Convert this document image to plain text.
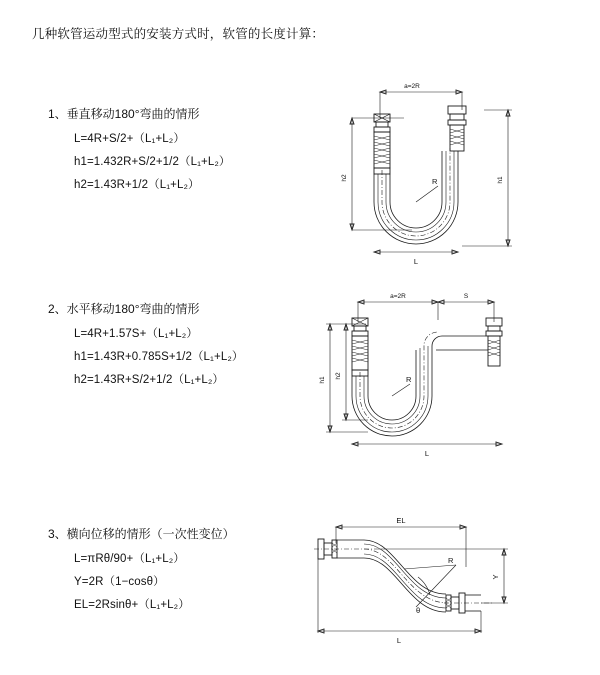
几种软管运动型式的安装方式时，软管的长度计算：
1、垂直移动180°弯曲的情形
L=4R+S/2+（L₁+L₂）
h1=1.432R+S/2+1/2（L₁+L₂）
h2=1.43R+1/2（L₁+L₂）
a=2R
h2	h1
R
L
2、水平移动180°弯曲的情形
L=4R+1.57S+（L₁+L₂）
h1=1.43R+0.785S+1/2（L₁+L₂）
h2=1.43R+S/2+1/2（L₁+L₂）
a=2R	S
h1
h2	R
L
3、横向位移的情形（一次性变位）
L=πRθ/90+（L₁+L₂）
Y=2R（1−cosθ）
EL=2Rsinθ+（L₁+L₂）
EL
Y
R
θ
L
